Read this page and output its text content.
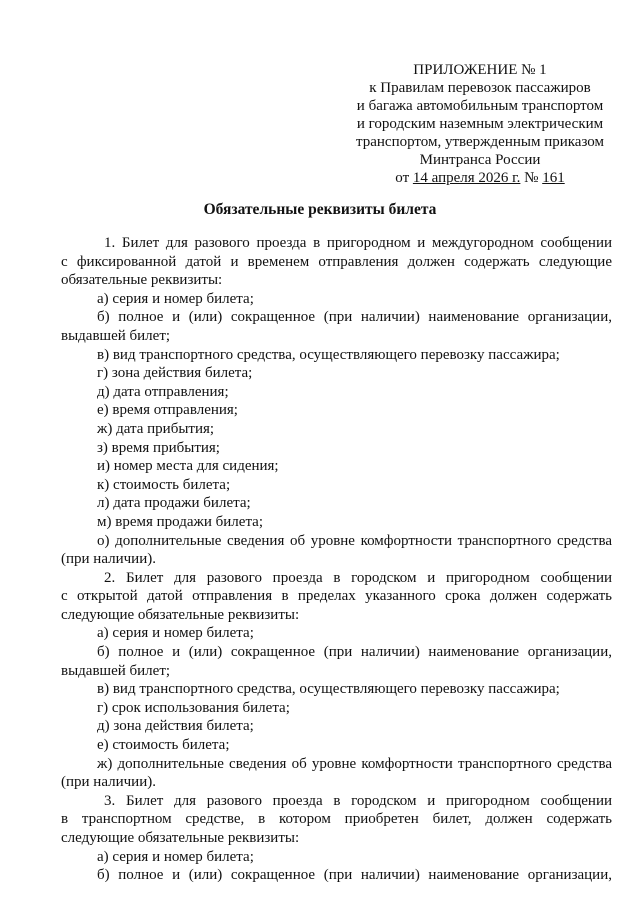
ПРИЛОЖЕНИЕ № 1
к Правилам перевозок пассажиров
и багажа автомобильным транспортом
и городским наземным электрическим
транспортом, утвержденным приказом
Минтранса России
от 14 апреля 2026 г. № 161
Обязательные реквизиты билета

1. Билет для разового проезда в пригородном и междугородном сообщении

с фиксированной датой и временем отправления должен содержать следующие

обязательные реквизиты:

а) серия и номер билета;

б) полное и (или) сокращенное (при наличии) наименование организации,

выдавшей билет;

в) вид транспортного средства, осуществляющего перевозку пассажира;

г) зона действия билета;

д) дата отправления;

е) время отправления;

ж) дата прибытия;

з) время прибытия;

и) номер места для сидения;

к) стоимость билета;

л) дата продажи билета;

м) время продажи билета;

о) дополнительные сведения об уровне комфортности транспортного средства

(при наличии).

2. Билет для разового проезда в городском и пригородном сообщении

с открытой датой отправления в пределах указанного срока должен содержать

следующие обязательные реквизиты:

а) серия и номер билета;

б) полное и (или) сокращенное (при наличии) наименование организации,

выдавшей билет;

в) вид транспортного средства, осуществляющего перевозку пассажира;

г) срок использования билета;

д) зона действия билета;

е) стоимость билета;

ж) дополнительные сведения об уровне комфортности транспортного средства

(при наличии).

3. Билет для разового проезда в городском и пригородном сообщении

в транспортном средстве, в котором приобретен билет, должен содержать

следующие обязательные реквизиты:

а) серия и номер билета;

б) полное и (или) сокращенное (при наличии) наименование организации,
